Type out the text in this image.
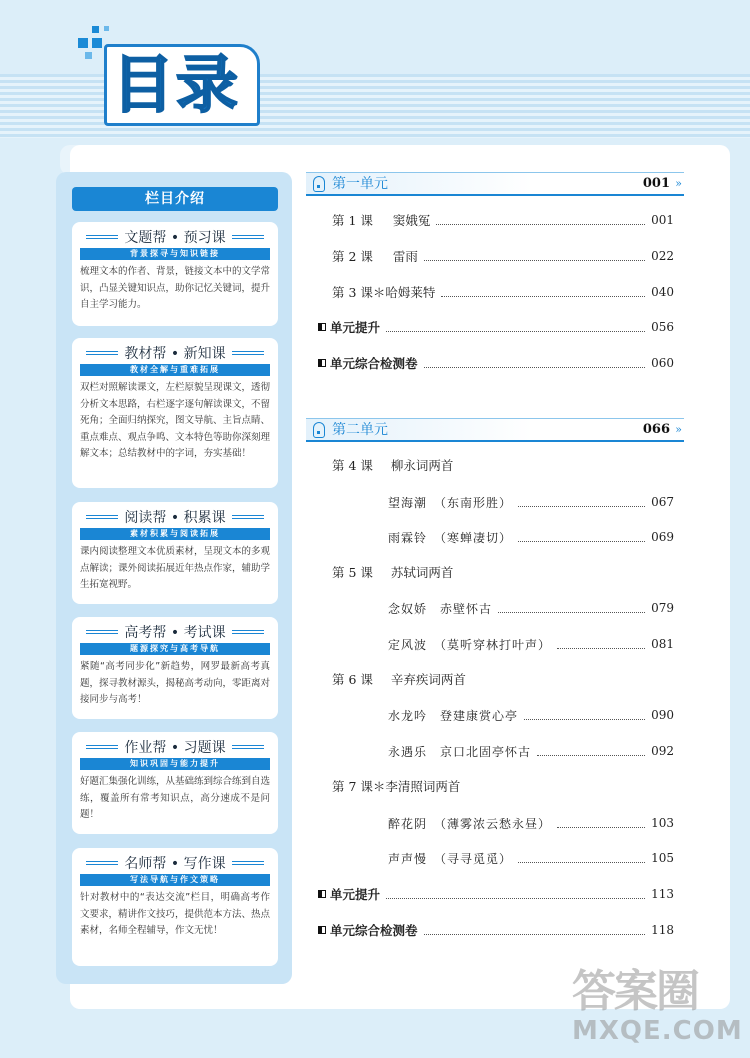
目录
栏目介绍
文题帮 • 预习课
背景探寻与知识链接
梳理文本的作者、背景，链接文本中的文学常识，凸显关键知识点，助你记忆关键词，提升自主学习能力。
教材帮 • 新知课
教材全解与重难拓展
双栏对照解读课文，左栏原貌呈现课文，透彻分析文本思路，右栏逐字逐句解读课文，不留死角；全面归纳探究，图文导航、主旨点睛、重点难点、观点争鸣、文本特色等助你深刻理解文本；总结教材中的字词，夯实基础！
阅读帮 • 积累课
素材积累与阅读拓展
课内阅读整理文本优质素材，呈现文本的多观点解读；课外阅读拓展近年热点作家，辅助学生拓宽视野。
高考帮 • 考试课
题源探究与高考导航
紧随“高考同步化”新趋势，网罗最新高考真题，探寻教材源头，揭秘高考动向，零距离对接同步与高考！
作业帮 • 习题课
知识巩固与能力提升
好题汇集强化训练，从基础练到综合练到自选练，覆盖所有常考知识点，高分速成不是问题！
名师帮 • 写作课
写法导航与作文策略
针对教材中的“表达交流”栏目，明确高考作文要求，精讲作文技巧，提供范本方法、热点素材，名师全程辅导，作文无忧！
第一单元	001 »
第 1 课 窦娥冤	001
第 2 课 雷雨	022
第 3 课＊ 哈姆莱特	040
单元提升	056
单元综合检测卷	060
第二单元	066 »
第 4 课 柳永词两首
望海潮　（东南形胜）	067
雨霖铃　（寒蝉凄切）	069
第 5 课 苏轼词两首
念奴娇　赤壁怀古	079
定风波　（莫听穿林打叶声）	081
第 6 课 辛弃疾词两首
水龙吟　登建康赏心亭	090
永遇乐　京口北固亭怀古	092
第 7 课＊李清照词两首
醉花阴　（薄雾浓云愁永昼）	103
声声慢　（寻寻觅觅）	105
单元提升	113
单元综合检测卷	118
答案圈
MXQE.COM
